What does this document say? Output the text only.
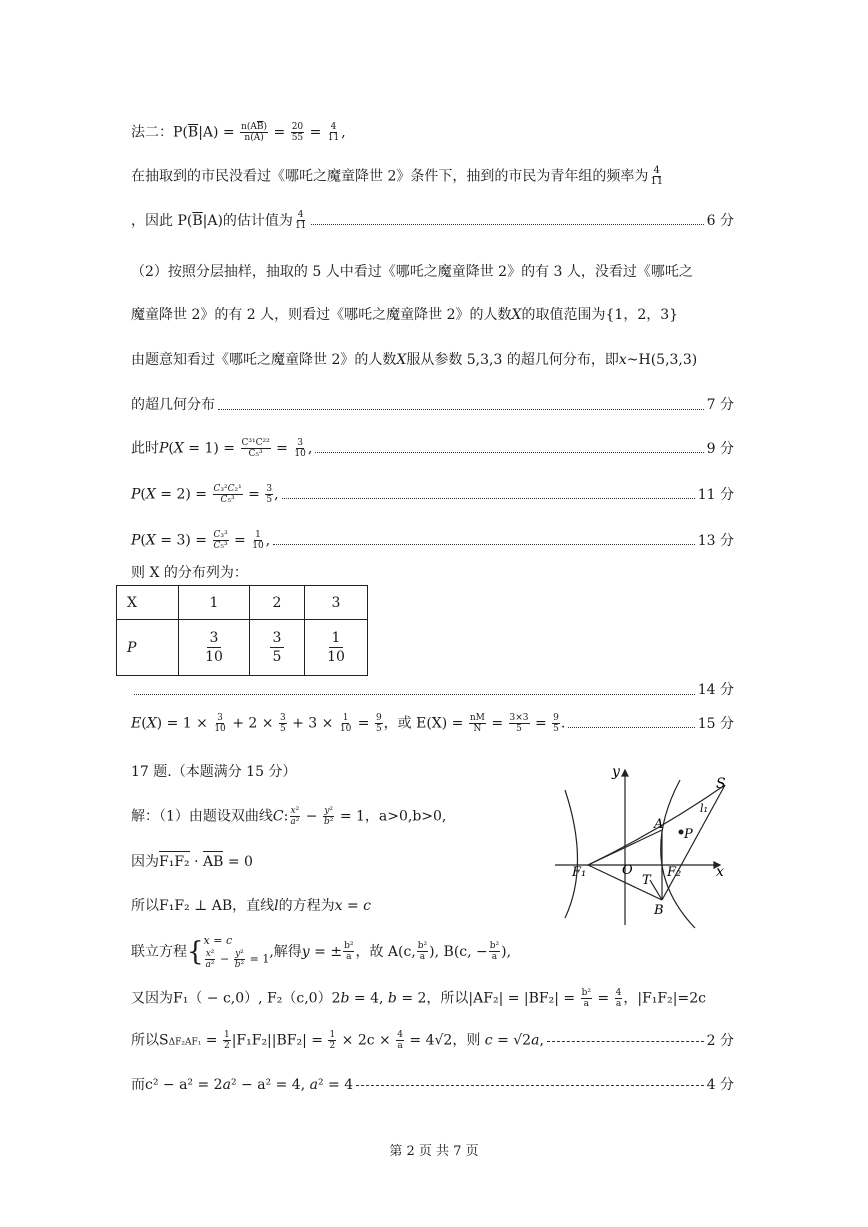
法二：$P(\overline{B}|A) = \frac{n(A\overline{B})}{n(A)} = \frac{20}{55} = \frac{4}{11}$ ,
在抽取到的市民没看过《哪吒之魔童降世 2》条件下，抽到的市民为青年组的频率为 $\frac{4}{11}$
，因此 $P(\overline{B}|A)$的估计值为 $\frac{4}{11}$	6 分
（2）按照分层抽样，抽取的 5 人中看过《哪吒之魔童降世 2》的有 3 人，没看过《哪吒之
魔童降世 2》的有 2 人，则看过《哪吒之魔童降世 2》的人数X的取值范围为{1，2，3}
由题意知看过《哪吒之魔童降世 2》的人数X服从参数 5,3,3 的超几何分布，即x~H(5,3,3)
的超几何分布	7 分
此时$P(X = 1) = \frac{\text{C³¹C²²}}{\text{C₅³}} = \frac{3}{10}$ ,	9 分
$P(X = 2) = \frac{\text{C₃²C₂¹}}{\text{C₅³}} = \frac{3}{5}$ ,	11 分
$P(X = 3) = \frac{\text{C₃³}}{\text{C₅³}} = \frac{1}{10}$ ,	13 分
则 X 的分布列为：
X	1	2	3
P	$\frac{3}{10}$	$\frac{3}{5}$	$\frac{1}{10}$
14 分
$E(X) = 1 \times \frac{3}{10} + 2 \times \frac{3}{5} + 3 \times \frac{1}{10} = \frac{9}{5}$ ，或 $E(X) = \frac{nM}{N} = \frac{3\times 3}{5} = \frac{9}{5}$ .	15 分
17 题.（本题满分 15 分）
解：（1）由题设双曲线C: $\frac{\text{x²}}{\text{a²}} - \frac{\text{y²}}{\text{b²}} = 1$，a>0,b>0,
因为F₁F₂
· AB = 0
所以F₁F₂ ⊥ AB，直线l的方程为x = c
联立方程 { x = c
$\frac{\text{x²}}{\text{a²}} - \frac{\text{y²}}{\text{b²}} = 1$ ,解得 y = ± $\frac{\text{b²}}{a}$ ，故 A(c, $\frac{\text{b²}}{a}$ ), B(c, − $\frac{\text{b²}}{a}$ ),
又因为F₁（ − c,0）, F₂（c,0）2b = 4, b = 2，所以$|AF_2| = |BF_2| = \frac{\text{b²}}{a} = \frac{4}{a}$ ，|F₁F₂|=2c
所以$S\Delta F_2AF_1 = \frac{1}{2} |F_1F_2||BF_2| = \frac{1}{2} \times 2c \times \frac{4}{a} = 4√2$，则 c = √2a,	2 分
而c² − a² = 2a² − a² = 4, a² = 4	4 分
y
S
l₁
A
P
F₁	O	F₂ x
T
B
第 2 页 共 7 页
